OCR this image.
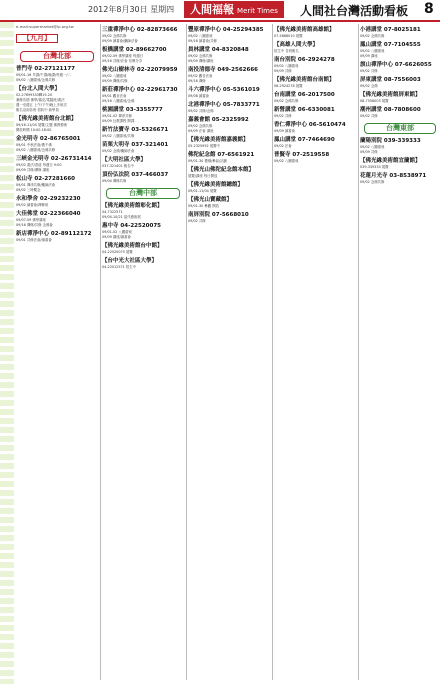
2012年8月30日 星期四	人間福報 Merit Times	人間社台灣活動看板 8
e-mail:supermarket@lp.org.tw
【九月】
台灣北部
普門寺 02-27121177

09/01-16 早課/午課/晚課/每週一/二

09/02 八關齋戒/念佛共修

【台北人間大學】

02-27699333轉19-20

兼修功德 佛學/插花/電腦班/書法

週一至週五 上午/下午/晚上多班次

報名洽詢各班 招收中 新學員

【佛光緣美術館台北館】

09/16-11/04 展覽/主題 佛教藝術

開放時間 10:00-18:00

金光明寺 02-86765001

09/01 中秋法會/禮千佛

09/02 八關齋戒/念佛共修

三峽金光明寺 02-26731414

09/02 書法/香道 每週日 9:00

09/09 共修/禪修 講座

松山寺 02-27281660

09/01 禪淨共修/藥師法會

09/02 三時繫念

永和學舍 02-29232230

09/02 讀書會/禪修班

大佳佛堂 02-22366040

09/07-09 佛學講座

09/16 禪修/共修 念佛會

新店禪淨中心 02-89112172

09/01 共修法會/讀書會

三重禪淨中心 02-82873666

09/02 念佛共修

09/09 讀書會/藥師法會

板橋講堂 02-89662700

09/02-09 佛學講座 每週日

09/16 共修/法會 信眾分享

佛光山樹林寺 02-22079959

09/02 八關齋戒

09/09 禪修/共修

新莊禪淨中心 02-22961730

09/01 觀音法會

09/16 八關齋戒/念佛

桃園講堂 03-3355777

09/01-02 禪淨共修

09/09 社教課程 開課

新竹法寶寺 03-5326671

09/02 八關齋戒/共修

苗栗大明寺 037-321401

09/02 念佛/藥師法會

【大明社區大學】

037-321401 報名中

頂份弘法院 037-466037

09/04 禪修共修

台灣中部
【佛光緣美術館彰化館】

04-7322571

09/04-10/21 當代藝術展

惠中寺 04-22520075

09/01-02 八關齋戒

09/09 講座/讀書會

【佛光緣美術館台中館】

04-22520075 展覽

【台中光大社區大學】

04-22012571 招生中

豐原禪淨中心 04-25294385

09/02 八關齋戒

09/16 讀書會/共修

員林講堂 04-8320848

09/02 念佛共修

09/09 禪修/講座

南投清德寺 049-2562666

09/02 觀音法會

09/16 禪修

斗六禪淨中心 05-5361019

09/08 讀書會

北港禪淨中心 05-7833771

09/02 共修/念佛

嘉義會館 05-2325992

09/02 念佛共修

09/09 法會 講座

【佛光緣美術館嘉義館】

05-2325992 展覽中

佛陀紀念館 07-6561921

09/01-30 禮佛/參訪/活動

【佛光山佛陀紀念館本館】

展覽/講座 每日開放

【佛光緣美術館總館】

09/01-11/04 展覽

【佛光山寶藏館】

09/01-30 參觀 開放

南屏別院 07-5668010

09/02 共修

【佛光緣美術館高雄館】

07-5668010 展覽

【高雄人間大學】

招生中 各班報名

南台別院 06-2924278

09/02 八關齋戒

09/09 共修

【佛光緣美術館台南館】

06-2924278 展覽

台南講堂 06-2017500

09/02 念佛共修

新營講堂 06-6330081

09/02 共修

香仁禪淨中心 06-5610474

09/09 讀書會

鳳山講堂 07-7464690

09/02 法會

普賢寺 07-2519558

09/02 八關齋戒

小港講堂 07-8025181

09/02 念佛共修

鳳山講堂 07-7104555

09/02 八關齋戒

09/09 講座

旗山禪淨中心 07-6626055

09/02 共修

屏東講堂 08-7556003

09/02 念佛

【佛光緣美術館屏東館】

08-7556003 展覽

潮州講堂 08-7808600

09/02 共修

台灣東部
蘭陽別院 039-339333

09/02 八關齋戒

09/09 共修

【佛光緣美術館宜蘭館】

039-339333 展覽

花蓮月光寺 03-8538971

09/02 念佛共修
